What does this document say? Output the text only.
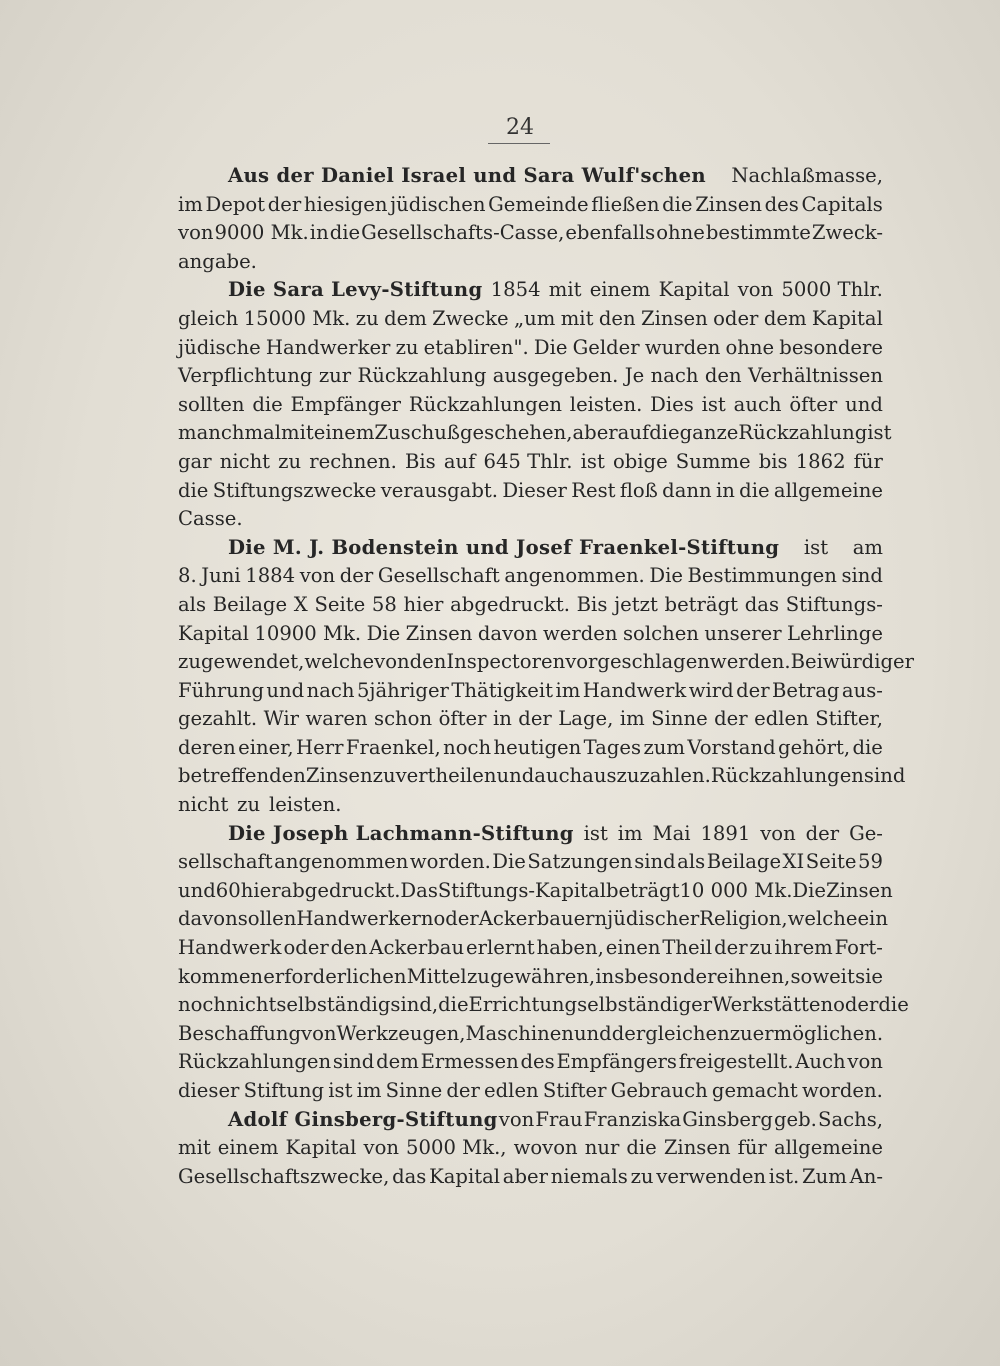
24
Aus der Daniel Israel und Sara Wulf'schen Nachlaßmasse,
im Depot der hiesigen jüdischen Gemeinde fließen die Zinsen des Capitals
von 9000 Mk. in die Gesellschafts-Casse, ebenfalls ohne bestimmte Zweck-
angabe.
Die Sara Levy-Stiftung 1854 mit einem Kapital von 5000 Thlr.
gleich 15000 Mk. zu dem Zwecke „um mit den Zinsen oder dem Kapital
jüdische Handwerker zu etabliren". Die Gelder wurden ohne besondere
Verpflichtung zur Rückzahlung ausgegeben. Je nach den Verhältnissen
sollten die Empfänger Rückzahlungen leisten. Dies ist auch öfter und
manchmal mit einem Zuschuß geschehen, aber auf die ganze Rückzahlung ist
gar nicht zu rechnen. Bis auf 645 Thlr. ist obige Summe bis 1862 für
die Stiftungszwecke verausgabt. Dieser Rest floß dann in die allgemeine
Casse.
Die M. J. Bodenstein und Josef Fraenkel-Stiftung ist am
8. Juni 1884 von der Gesellschaft angenommen. Die Bestimmungen sind
als Beilage X Seite 58 hier abgedruckt. Bis jetzt beträgt das Stiftungs-
Kapital 10900 Mk. Die Zinsen davon werden solchen unserer Lehrlinge
zugewendet, welche von den Inspectoren vorgeschlagen werden. Bei würdiger
Führung und nach 5jähriger Thätigkeit im Handwerk wird der Betrag aus-
gezahlt. Wir waren schon öfter in der Lage, im Sinne der edlen Stifter,
deren einer, Herr Fraenkel, noch heutigen Tages zum Vorstand gehört, die
betreffenden Zinsen zu vertheilen und auch auszuzahlen. Rückzahlungen sind
nicht zu leisten.
Die Joseph Lachmann-Stiftung ist im Mai 1891 von der Ge-
sellschaft angenommen worden. Die Satzungen sind als Beilage XI Seite 59
und 60 hier abgedruckt. Das Stiftungs-Kapital beträgt 10 000 Mk. Die Zinsen
davon sollen Handwerkern oder Ackerbauern jüdischer Religion, welche ein
Handwerk oder den Ackerbau erlernt haben, einen Theil der zu ihrem Fort-
kommen erforderlichen Mittel zu gewähren, insbesondere ihnen, soweit sie
noch nicht selbständig sind, die Errichtung selbständiger Werkstätten oder die
Beschaffung von Werkzeugen, Maschinen und dergleichen zu ermöglichen.
Rückzahlungen sind dem Ermessen des Empfängers freigestellt. Auch von
dieser Stiftung ist im Sinne der edlen Stifter Gebrauch gemacht worden.
Adolf Ginsberg-Stiftung von Frau Franziska Ginsberg geb. Sachs,
mit einem Kapital von 5000 Mk., wovon nur die Zinsen für allgemeine
Gesellschaftszwecke, das Kapital aber niemals zu verwenden ist. Zum An-
